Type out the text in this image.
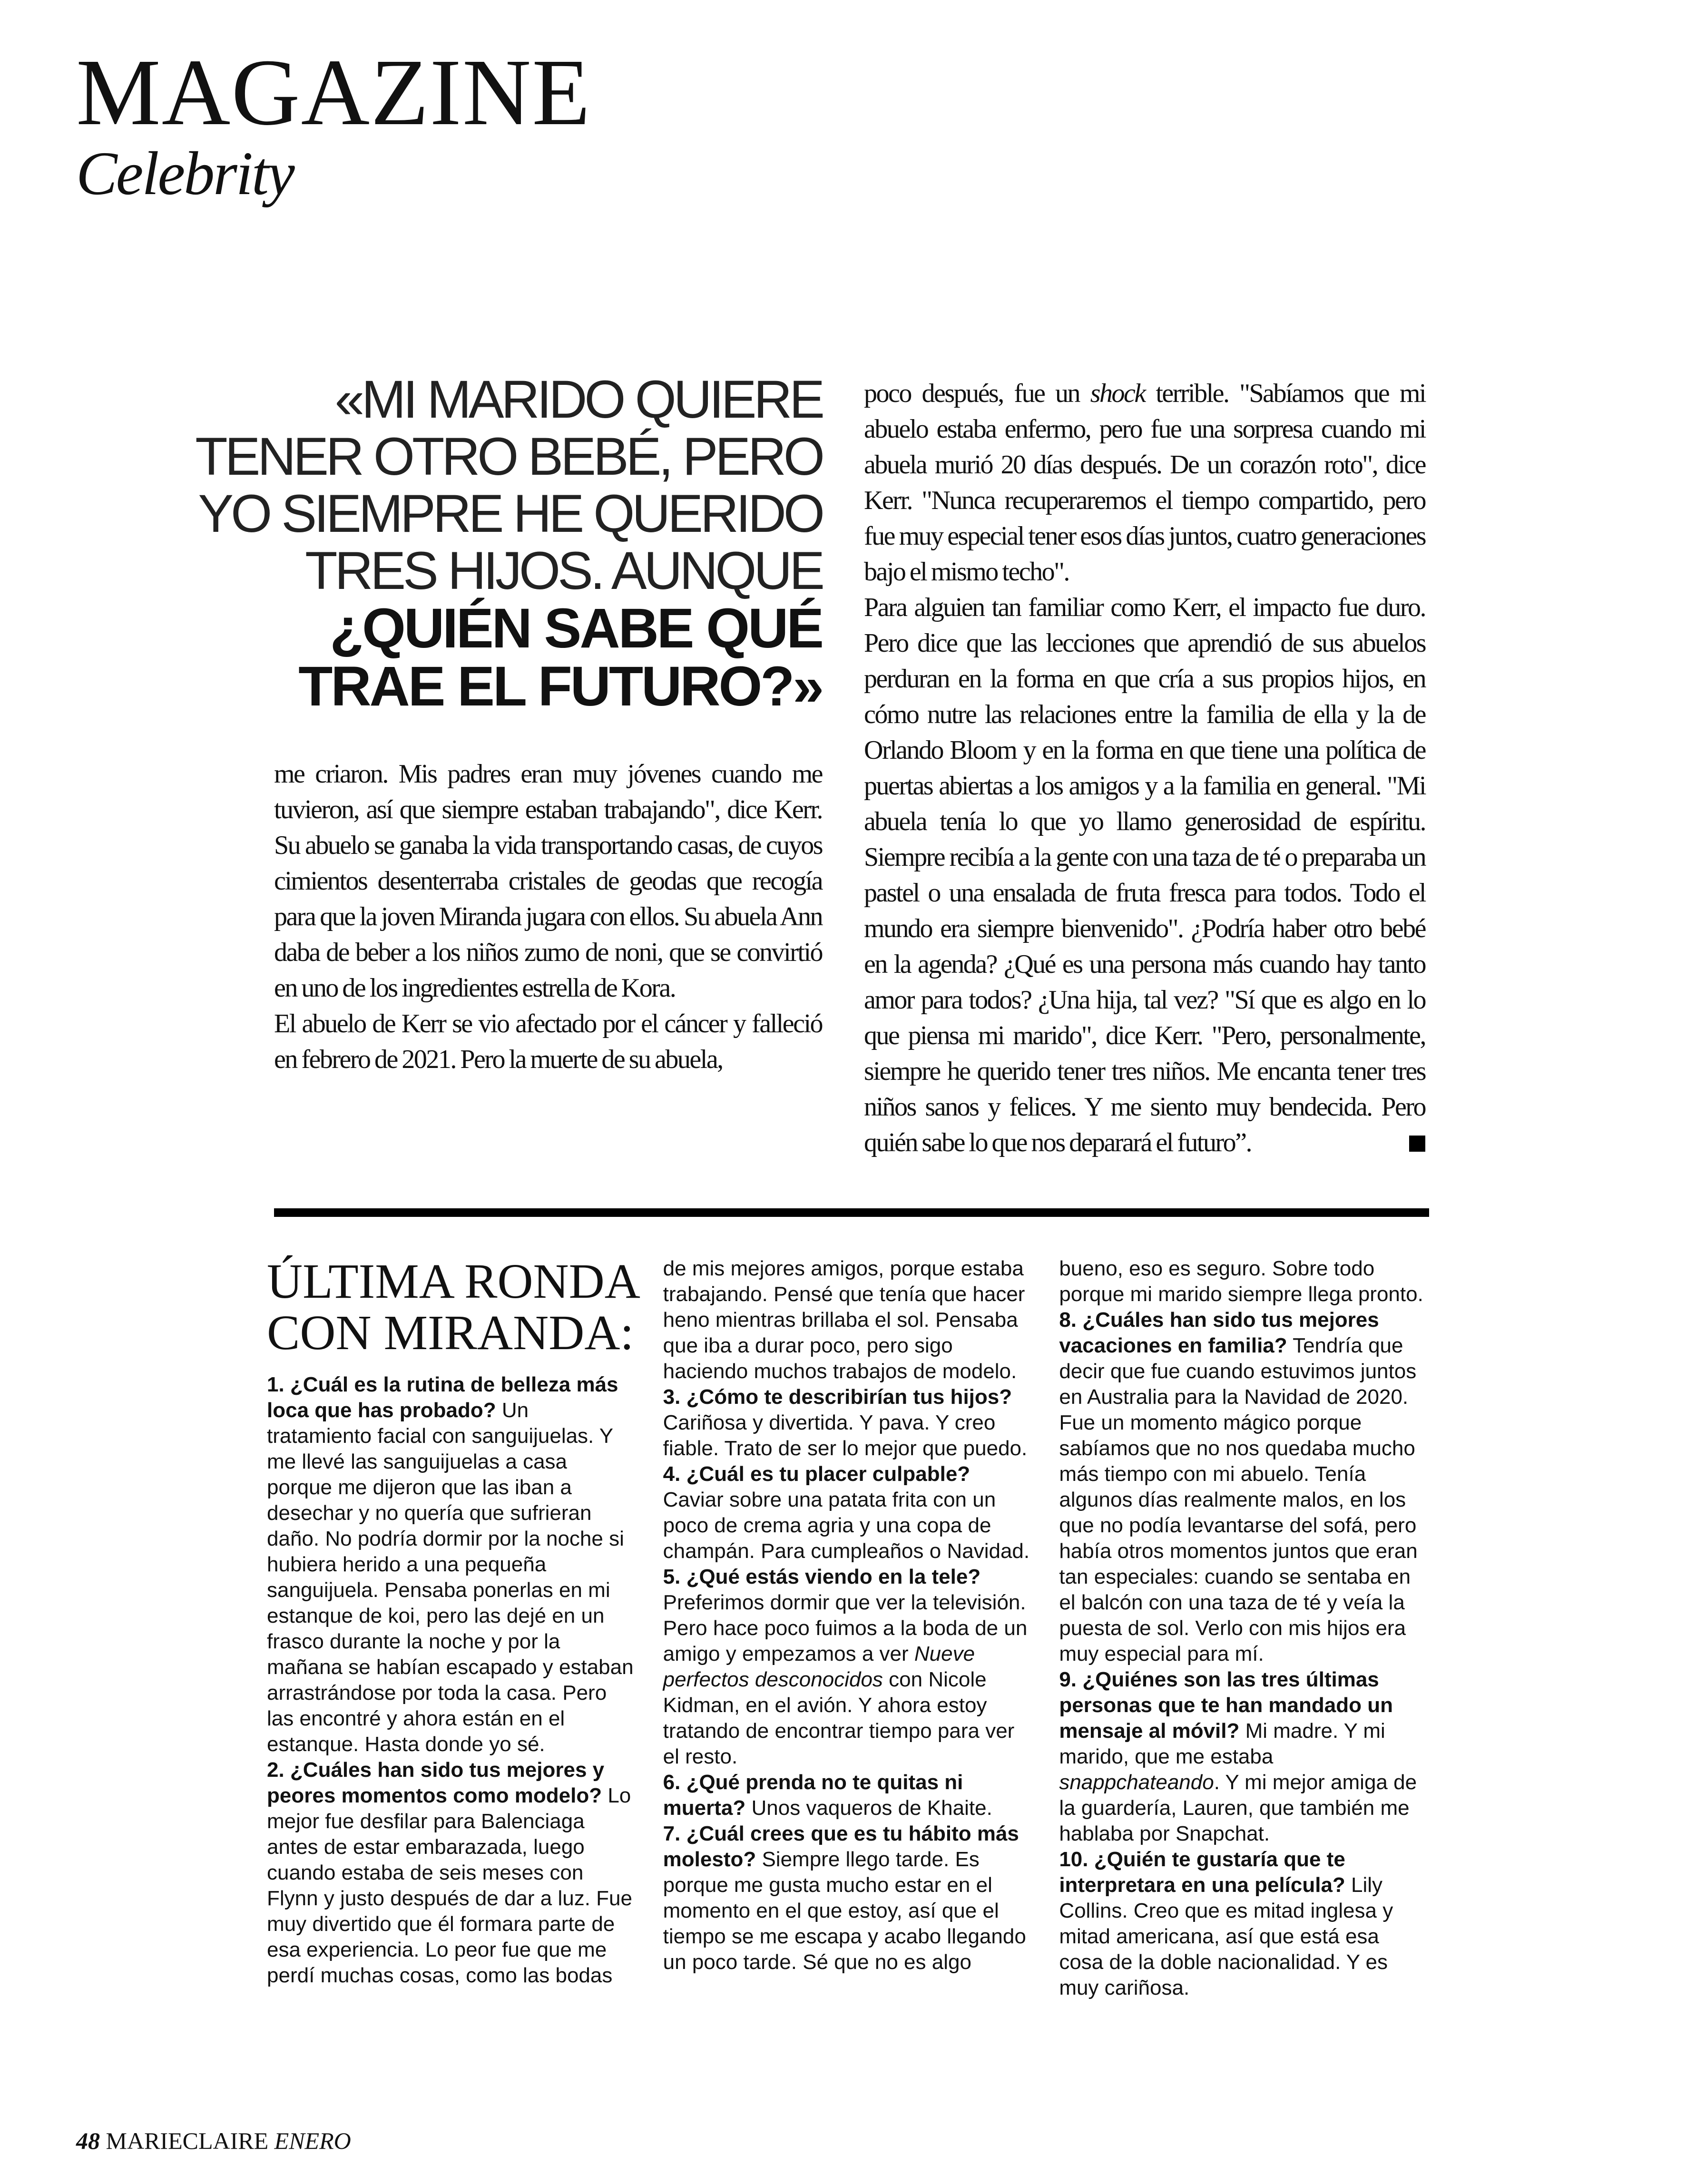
MAGAZINE
Celebrity
«MI MARIDO QUIERE
TENER OTRO BEBÉ, PERO
YO SIEMPRE HE QUERIDO
TRES HIJOS. AUNQUE
¿QUIÉN SABE QUÉ
TRAE EL FUTURO?»

me criaron. Mis padres eran muy jóvenes cuando me tuvieron, así que siempre estaban trabajando", dice Kerr. Su abuelo se ganaba la vida transportando casas, de cuyos cimientos desenterraba cristales de geodas que recogía para que la joven Miranda jugara con ellos. Su abuela Ann daba de beber a los niños zumo de noni, que se convirtió en uno de los ingredientes estrella de Kora.

El abuelo de Kerr se vio afectado por el cáncer y falleció en febrero de 2021. Pero la muerte de su abuela,

poco después, fue un shock terrible. "Sabíamos que mi abuelo estaba enfermo, pero fue una sorpresa cuando mi abuela murió 20 días después. De un corazón roto", dice Kerr. "Nunca recuperaremos el tiempo compartido, pero fue muy especial tener esos días juntos, cuatro generaciones bajo el mismo techo".

Para alguien tan familiar como Kerr, el impacto fue duro. Pero dice que las lecciones que aprendió de sus abuelos perduran en la forma en que cría a sus propios hijos, en cómo nutre las relaciones entre la familia de ella y la de Orlando Bloom y en la forma en que tiene una política de puertas abiertas a los amigos y a la familia en general. "Mi abuela tenía lo que yo llamo generosidad de espíritu. Siempre recibía a la gente con una taza de té o preparaba un pastel o una ensalada de fruta fresca para todos. Todo el mundo era siempre bienvenido". ¿Podría haber otro bebé en la agenda? ¿Qué es una persona más cuando hay tanto amor para todos? ¿Una hija, tal vez? "Sí que es algo en lo que piensa mi marido", dice Kerr. "Pero, personalmente, siempre he querido tener tres niños. Me encanta tener tres niños sanos y felices. Y me siento muy bendecida. Pero quién sabe lo que nos deparará el futuro”.

ÚLTIMA RONDA
CON MIRANDA:

1. ¿Cuál es la rutina de belleza más loca que has probado? Un tratamiento facial con sanguijuelas. Y me llevé las sanguijuelas a casa porque me dijeron que las iban a desechar y no quería que sufrieran daño. No podría dormir por la noche si hubiera herido a una pequeña sanguijuela. Pensaba ponerlas en mi estanque de koi, pero las dejé en un frasco durante la noche y por la mañana se habían escapado y estaban arrastrándose por toda la casa. Pero las encontré y ahora están en el estanque. Hasta donde yo sé.

2. ¿Cuáles han sido tus mejores y peores momentos como modelo? Lo mejor fue desfilar para Balenciaga antes de estar embarazada, luego cuando estaba de seis meses con Flynn y justo después de dar a luz. Fue muy divertido que él formara parte de esa experiencia. Lo peor fue que me perdí muchas cosas, como las bodas de mis mejores amigos, porque estaba trabajando. Pensé que tenía que hacer heno mientras brillaba el sol. Pensaba que iba a durar poco, pero sigo haciendo muchos trabajos de modelo.

3. ¿Cómo te describirían tus hijos? Cariñosa y divertida. Y pava. Y creo fiable. Trato de ser lo mejor que puedo.

4. ¿Cuál es tu placer culpable? Caviar sobre una patata frita con un poco de crema agria y una copa de champán. Para cumpleaños o Navidad.

5. ¿Qué estás viendo en la tele? Preferimos dormir que ver la televisión. Pero hace poco fuimos a la boda de un amigo y empezamos a ver Nueve perfectos desconocidos con Nicole Kidman, en el avión. Y ahora estoy tratando de encontrar tiempo para ver el resto.

6. ¿Qué prenda no te quitas ni muerta? Unos vaqueros de Khaite.

7. ¿Cuál crees que es tu hábito más molesto? Siempre llego tarde. Es porque me gusta mucho estar en el momento en el que estoy, así que el tiempo se me escapa y acabo llegando un poco tarde. Sé que no es algo bueno, eso es seguro. Sobre todo porque mi marido siempre llega pronto.

8. ¿Cuáles han sido tus mejores vacaciones en familia? Tendría que decir que fue cuando estuvimos juntos en Australia para la Navidad de 2020. Fue un momento mágico porque sabíamos que no nos quedaba mucho más tiempo con mi abuelo. Tenía algunos días realmente malos, en los que no podía levantarse del sofá, pero había otros momentos juntos que eran tan especiales: cuando se sentaba en el balcón con una taza de té y veía la puesta de sol. Verlo con mis hijos era muy especial para mí.

9. ¿Quiénes son las tres últimas personas que te han mandado un mensaje al móvil? Mi madre. Y mi marido, que me estaba snappchateando. Y mi mejor amiga de la guardería, Lauren, que también me hablaba por Snapchat.

10. ¿Quién te gustaría que te interpretara en una película? Lily Collins. Creo que es mitad inglesa y mitad americana, así que está esa cosa de la doble nacionalidad. Y es muy cariñosa.

48 MARIECLAIRE ENERO
